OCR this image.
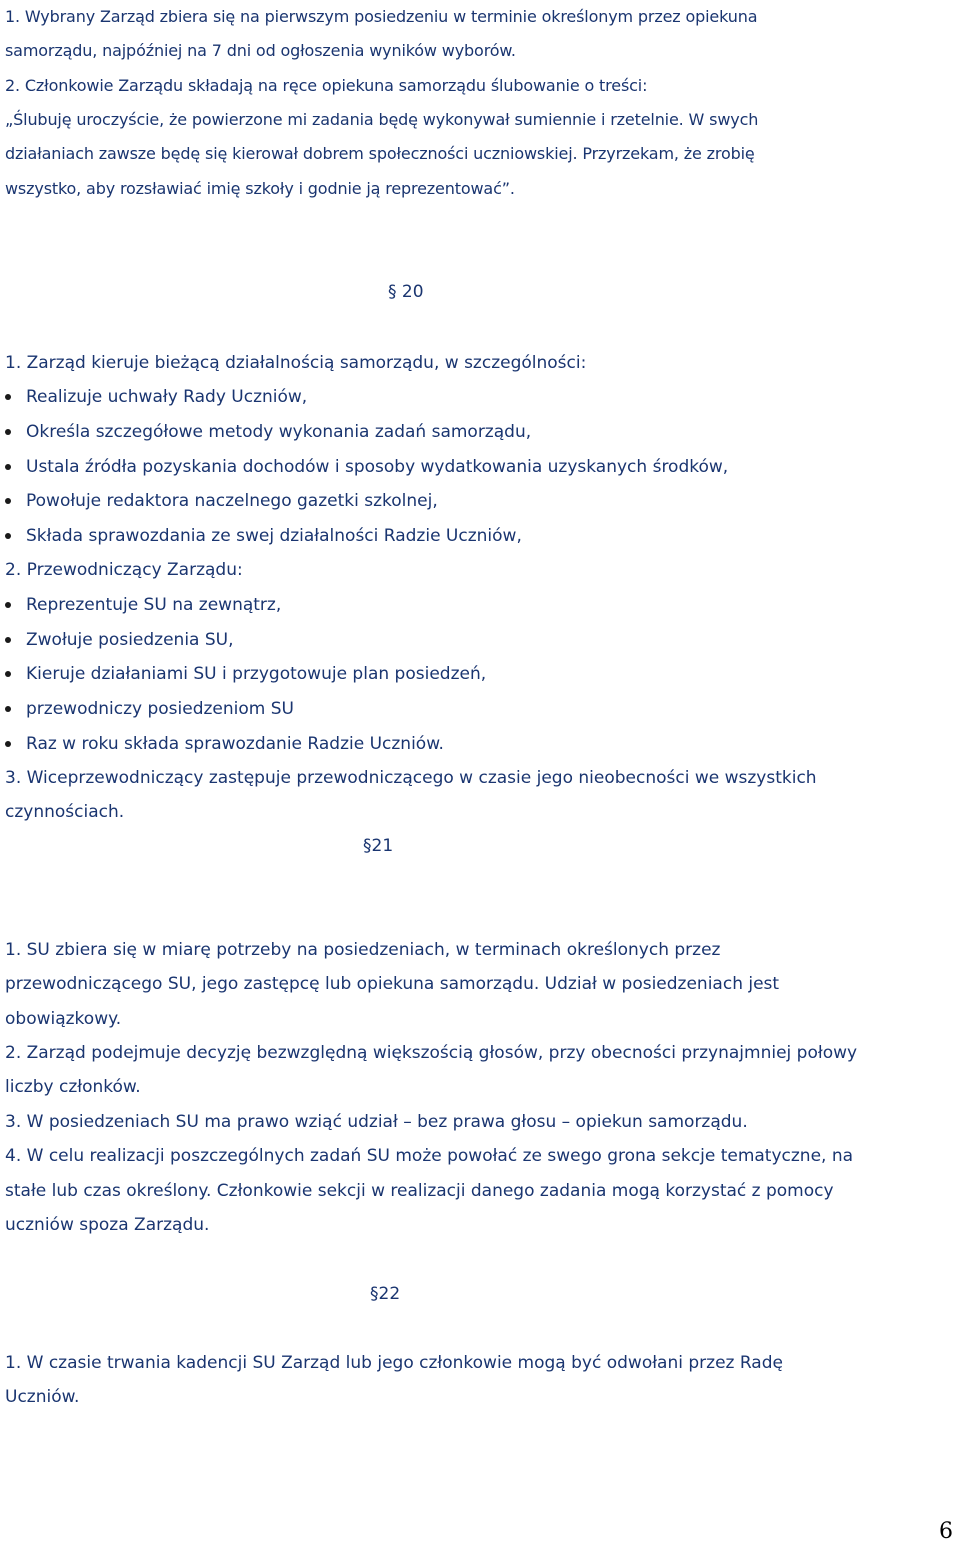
1. Wybrany Zarząd zbiera się na pierwszym posiedzeniu w terminie określonym przez opiekuna
samorządu, najpóźniej na 7 dni od ogłoszenia wyników wyborów.
2. Członkowie Zarządu składają na ręce opiekuna samorządu ślubowanie o treści:
„Ślubuję uroczyście, że powierzone mi zadania będę wykonywał sumiennie i rzetelnie. W swych
działaniach zawsze będę się kierował dobrem społeczności uczniowskiej. Przyrzekam, że zrobię
wszystko, aby rozsławiać imię szkoły i godnie ją reprezentować”.
§ 20
1. Zarząd kieruje bieżącą działalnością samorządu, w szczególności:
Realizuje uchwały Rady Uczniów,
Określa szczegółowe metody wykonania zadań samorządu,
Ustala źródła pozyskania dochodów i sposoby wydatkowania uzyskanych środków,
Powołuje redaktora naczelnego gazetki szkolnej,
Składa sprawozdania ze swej działalności Radzie Uczniów,
2. Przewodniczący Zarządu:
Reprezentuje SU na zewnątrz,
Zwołuje posiedzenia SU,
Kieruje działaniami SU i przygotowuje plan posiedzeń,
przewodniczy posiedzeniom SU
Raz w roku składa sprawozdanie Radzie Uczniów.
3. Wiceprzewodniczący zastępuje przewodniczącego w czasie jego nieobecności we wszystkich
czynnościach.
§21
1. SU zbiera się w miarę potrzeby na posiedzeniach, w terminach określonych przez
przewodniczącego SU, jego zastępcę lub opiekuna samorządu. Udział w posiedzeniach jest
obowiązkowy.
2. Zarząd podejmuje decyzję bezwzględną większością głosów, przy obecności przynajmniej połowy
liczby członków.
3. W posiedzeniach SU ma prawo wziąć udział – bez prawa głosu – opiekun samorządu.
4. W celu realizacji poszczególnych zadań SU może powołać ze swego grona sekcje tematyczne, na
stałe lub czas określony. Członkowie sekcji w realizacji danego zadania mogą korzystać z pomocy
uczniów spoza Zarządu.
§22
1. W czasie trwania kadencji SU Zarząd lub jego członkowie mogą być odwołani przez Radę
Uczniów.
6
